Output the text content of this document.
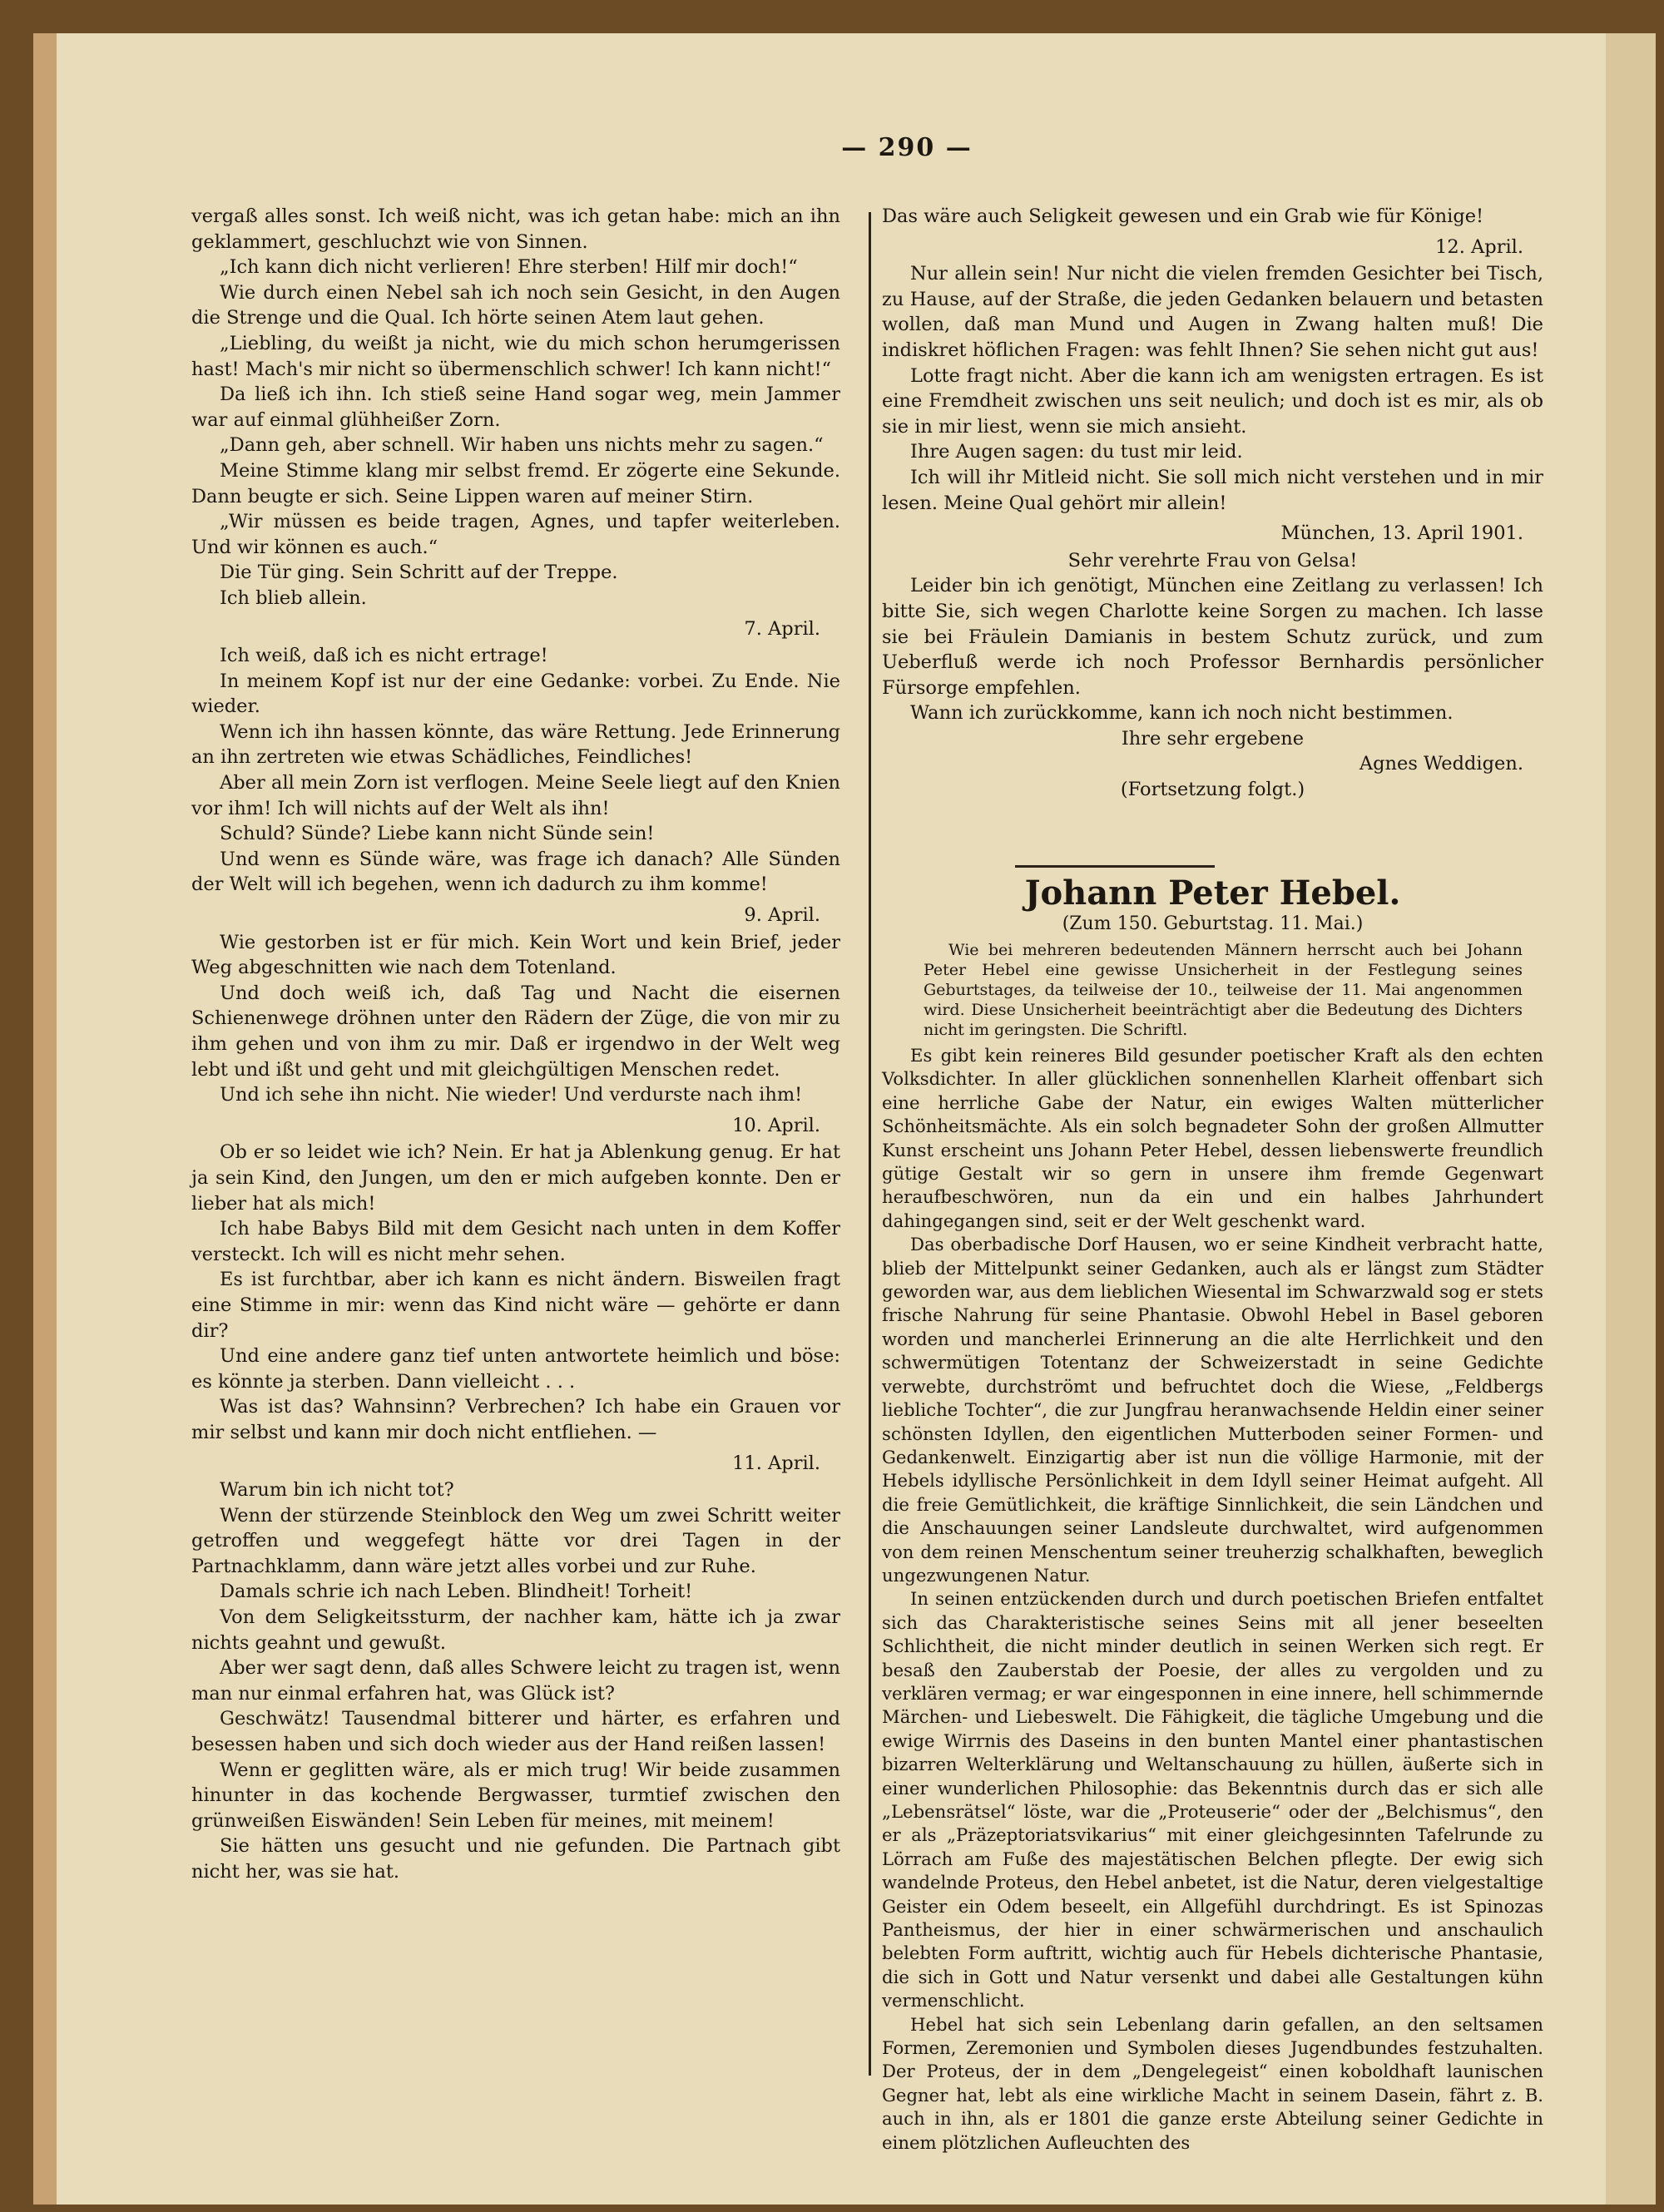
— 290 —

vergaß alles sonst. Ich weiß nicht, was ich getan habe: mich an ihn geklammert, geschluchzt wie von Sinnen.

„Ich kann dich nicht verlieren! Ehre sterben! Hilf mir doch!“

Wie durch einen Nebel sah ich noch sein Gesicht, in den Augen die Strenge und die Qual. Ich hörte seinen Atem laut gehen.

„Liebling, du weißt ja nicht, wie du mich schon herumgerissen hast! Mach's mir nicht so übermenschlich schwer! Ich kann nicht!“

Da ließ ich ihn. Ich stieß seine Hand sogar weg, mein Jammer war auf einmal glühheißer Zorn.

„Dann geh, aber schnell. Wir haben uns nichts mehr zu sagen.“

Meine Stimme klang mir selbst fremd. Er zögerte eine Sekunde. Dann beugte er sich. Seine Lippen waren auf meiner Stirn.

„Wir müssen es beide tragen, Agnes, und tapfer weiterleben. Und wir können es auch.“

Die Tür ging. Sein Schritt auf der Treppe.

Ich blieb allein.

7. April.

Ich weiß, daß ich es nicht ertrage!

In meinem Kopf ist nur der eine Gedanke: vorbei. Zu Ende. Nie wieder.

Wenn ich ihn hassen könnte, das wäre Rettung. Jede Erinnerung an ihn zertreten wie etwas Schädliches, Feindliches!

Aber all mein Zorn ist verflogen. Meine Seele liegt auf den Knien vor ihm! Ich will nichts auf der Welt als ihn!

Schuld? Sünde? Liebe kann nicht Sünde sein!

Und wenn es Sünde wäre, was frage ich danach? Alle Sünden der Welt will ich begehen, wenn ich dadurch zu ihm komme!

9. April.

Wie gestorben ist er für mich. Kein Wort und kein Brief, jeder Weg abgeschnitten wie nach dem Totenland.

Und doch weiß ich, daß Tag und Nacht die eisernen Schienenwege dröhnen unter den Rädern der Züge, die von mir zu ihm gehen und von ihm zu mir. Daß er irgendwo in der Welt weg lebt und ißt und geht und mit gleichgültigen Menschen redet.

Und ich sehe ihn nicht. Nie wieder! Und verdurste nach ihm!

10. April.

Ob er so leidet wie ich? Nein. Er hat ja Ablenkung genug. Er hat ja sein Kind, den Jungen, um den er mich aufgeben konnte. Den er lieber hat als mich!

Ich habe Babys Bild mit dem Gesicht nach unten in dem Koffer versteckt. Ich will es nicht mehr sehen.

Es ist furchtbar, aber ich kann es nicht ändern. Bisweilen fragt eine Stimme in mir: wenn das Kind nicht wäre — gehörte er dann dir?

Und eine andere ganz tief unten antwortete heimlich und böse: es könnte ja sterben. Dann vielleicht . . .

Was ist das? Wahnsinn? Verbrechen? Ich habe ein Grauen vor mir selbst und kann mir doch nicht entfliehen. —

11. April.

Warum bin ich nicht tot?

Wenn der stürzende Steinblock den Weg um zwei Schritt weiter getroffen und weggefegt hätte vor drei Tagen in der Partnachklamm, dann wäre jetzt alles vorbei und zur Ruhe.

Damals schrie ich nach Leben. Blindheit! Torheit!

Von dem Seligkeitssturm, der nachher kam, hätte ich ja zwar nichts geahnt und gewußt.

Aber wer sagt denn, daß alles Schwere leicht zu tragen ist, wenn man nur einmal erfahren hat, was Glück ist?

Geschwätz! Tausendmal bitterer und härter, es erfahren und besessen haben und sich doch wieder aus der Hand reißen lassen!

Wenn er geglitten wäre, als er mich trug! Wir beide zusammen hinunter in das kochende Bergwasser, turmtief zwischen den grünweißen Eiswänden! Sein Leben für meines, mit meinem!

Sie hätten uns gesucht und nie gefunden. Die Partnach gibt nicht her, was sie hat.

Das wäre auch Seligkeit gewesen und ein Grab wie für Könige!

12. April.

Nur allein sein! Nur nicht die vielen fremden Gesichter bei Tisch, zu Hause, auf der Straße, die jeden Gedanken belauern und betasten wollen, daß man Mund und Augen in Zwang halten muß! Die indiskret höflichen Fragen: was fehlt Ihnen? Sie sehen nicht gut aus!

Lotte fragt nicht. Aber die kann ich am wenigsten ertragen. Es ist eine Fremdheit zwischen uns seit neulich; und doch ist es mir, als ob sie in mir liest, wenn sie mich ansieht.

Ihre Augen sagen: du tust mir leid.

Ich will ihr Mitleid nicht. Sie soll mich nicht verstehen und in mir lesen. Meine Qual gehört mir allein!

München, 13. April 1901.

Sehr verehrte Frau von Gelsa!

Leider bin ich genötigt, München eine Zeitlang zu verlassen! Ich bitte Sie, sich wegen Charlotte keine Sorgen zu machen. Ich lasse sie bei Fräulein Damianis in bestem Schutz zurück, und zum Ueberfluß werde ich noch Professor Bernhardis persönlicher Fürsorge empfehlen.

Wann ich zurückkomme, kann ich noch nicht bestimmen.

Ihre sehr ergebene

Agnes Weddigen.

(Fortsetzung folgt.)

Johann Peter Hebel.
(Zum 150. Geburtstag. 11. Mai.)

Wie bei mehreren bedeutenden Männern herrscht auch bei Johann Peter Hebel eine gewisse Unsicherheit in der Festlegung seines Geburtstages, da teilweise der 10., teilweise der 11. Mai angenommen wird. Diese Unsicherheit beeinträchtigt aber die Bedeutung des Dichters nicht im geringsten. Die Schriftl.

Es gibt kein reineres Bild gesunder poetischer Kraft als den echten Volksdichter. In aller glücklichen sonnenhellen Klarheit offenbart sich eine herrliche Gabe der Natur, ein ewiges Walten mütterlicher Schönheitsmächte. Als ein solch begnadeter Sohn der großen Allmutter Kunst erscheint uns Johann Peter Hebel, dessen liebenswerte freundlich gütige Gestalt wir so gern in unsere ihm fremde Gegenwart heraufbeschwören, nun da ein und ein halbes Jahrhundert dahingegangen sind, seit er der Welt geschenkt ward.

Das oberbadische Dorf Hausen, wo er seine Kindheit verbracht hatte, blieb der Mittelpunkt seiner Gedanken, auch als er längst zum Städter geworden war, aus dem lieblichen Wiesental im Schwarzwald sog er stets frische Nahrung für seine Phantasie. Obwohl Hebel in Basel geboren worden und mancherlei Erinnerung an die alte Herrlichkeit und den schwermütigen Totentanz der Schweizerstadt in seine Gedichte verwebte, durchströmt und befruchtet doch die Wiese, „Feldbergs liebliche Tochter“, die zur Jungfrau heranwachsende Heldin einer seiner schönsten Idyllen, den eigentlichen Mutterboden seiner Formen- und Gedankenwelt. Einzigartig aber ist nun die völlige Harmonie, mit der Hebels idyllische Persönlichkeit in dem Idyll seiner Heimat aufgeht. All die freie Gemütlichkeit, die kräftige Sinnlichkeit, die sein Ländchen und die Anschauungen seiner Landsleute durchwaltet, wird aufgenommen von dem reinen Menschentum seiner treuherzig schalkhaften, beweglich ungezwungenen Natur.

In seinen entzückenden durch und durch poetischen Briefen entfaltet sich das Charakteristische seines Seins mit all jener beseelten Schlichtheit, die nicht minder deutlich in seinen Werken sich regt. Er besaß den Zauberstab der Poesie, der alles zu vergolden und zu verklären vermag; er war eingesponnen in eine innere, hell schimmernde Märchen- und Liebeswelt. Die Fähigkeit, die tägliche Umgebung und die ewige Wirrnis des Daseins in den bunten Mantel einer phantastischen bizarren Welterklärung und Weltanschauung zu hüllen, äußerte sich in einer wunderlichen Philosophie: das Bekenntnis durch das er sich alle „Lebensrätsel“ löste, war die „Proteuserie“ oder der „Belchismus“, den er als „Präzeptoriatsvikarius“ mit einer gleichgesinnten Tafelrunde zu Lörrach am Fuße des majestätischen Belchen pflegte. Der ewig sich wandelnde Proteus, den Hebel anbetet, ist die Natur, deren vielgestaltige Geister ein Odem beseelt, ein Allgefühl durchdringt. Es ist Spinozas Pantheismus, der hier in einer schwärmerischen und anschaulich belebten Form auftritt, wichtig auch für Hebels dichterische Phantasie, die sich in Gott und Natur versenkt und dabei alle Gestaltungen kühn vermenschlicht.

Hebel hat sich sein Lebenlang darin gefallen, an den seltsamen Formen, Zeremonien und Symbolen dieses Jugendbundes festzuhalten. Der Proteus, der in dem „Dengelegeist“ einen koboldhaft launischen Gegner hat, lebt als eine wirkliche Macht in seinem Dasein, fährt z. B. auch in ihn, als er 1801 die ganze erste Abteilung seiner Gedichte in einem plötzlichen Aufleuchten des
